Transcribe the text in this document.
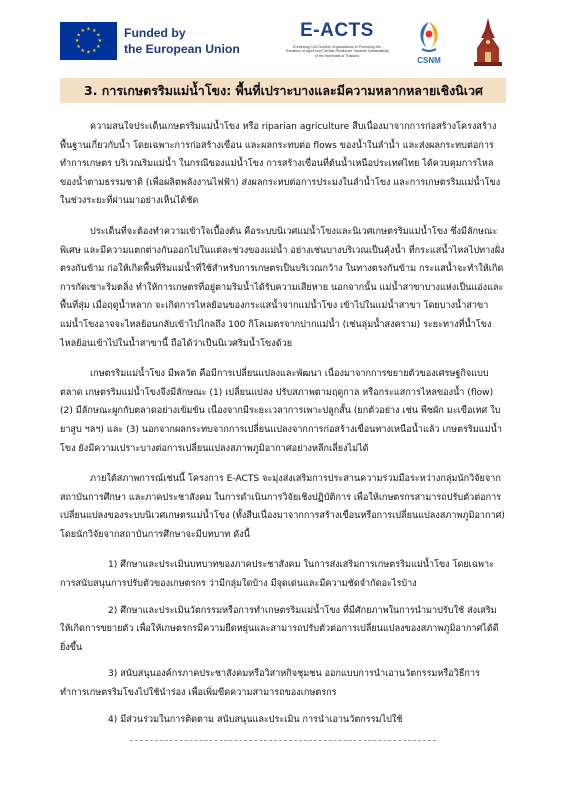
★ ★
★
★
★
★
★
★
★
★
★
★	Funded by
the European Union
E-ACTS
Enhancing Civil Society Organizations in Promoting the Transition of Agri/Food Climate Resilience Towards Sustainability of the Northeast of Thailand
CSNM
3. การเกษตรริมแม่น้ำโขง: พื้นที่เปราะบางและมีความหลากหลายเชิงนิเวศ

ความสนใจประเด็นเกษตรริมแม่น้ำโขง หรือ riparian agriculture สืบเนื่องมาจากการก่อสร้างโครงสร้างพื้นฐานเกี่ยวกับน้ำ โดยเฉพาะการก่อสร้างเขื่อน และผลกระทบต่อ flows ของน้ำในลำน้ำ และส่งผลกระทบต่อการทำการเกษตร บริเวณริมแม่น้ำ ในกรณีของแม่น้ำโขง การสร้างเขื่อนที่ต้นน้ำเหนือประเทศไทย ได้ควบคุมการไหลของน้ำตามธรรมชาติ (เพื่อผลิตพลังงานไฟฟ้า) ส่งผลกระทบต่อการประมงในลำน้ำโขง และการเกษตรริมแม่น้ำโขงในช่วงระยะที่ผ่านมาอย่างเห็นได้ชัด

ประเด็นที่จะต้องทำความเข้าใจเบื้องต้น คือระบบนิเวศแม่น้ำโขงและนิเวศเกษตรริมแม่น้ำโขง ซึ่งมีลักษณะพิเศษ และมีความแตกต่างกันออกไปในแต่ละช่วงของแม่น้ำ อย่างเช่นบางบริเวณเป็นคุ้งน้ำ ที่กระแสน้ำไหลไปทางฝั่งตรงกันข้าม ก่อให้เกิดพื้นที่ริมแม่น้ำที่ใช้สำหรับการเกษตรเป็นบริเวณกว้าง ในทางตรงกันข้าม กระแสน้ำจะทำให้เกิดการกัดเซาะริมตลิ่ง ทำให้การเกษตรที่อยู่ตามริมน้ำได้รับความเสียหาย นอกจากนั้น แม่น้ำสาขาบางแห่งเป็นแอ่งและพื้นที่ลุ่ม เมื่อฤดูน้ำหลาก จะเกิดการไหลย้อนของกระแสน้ำจากแม่น้ำโขง เข้าไปในแม่น้ำสาขา โดยบางน้ำสาขา แม่น้ำโขงอาจจะไหลย้อนกลับเข้าไปไกลถึง 100 กิโลเมตรจากปากแม่น้ำ (เช่นลุ่มน้ำสงคราม) ระยะทางที่น้ำโขงไหลย้อนเข้าไปในน้ำสาขานี้ ถือได้ว่าเป็นนิเวศริมน้ำโขงด้วย

เกษตรริมแม่น้ำโขง มีพลวัต คือมีการเปลี่ยนแปลงและพัฒนา เนื่องมาจากการขยายตัวของเศรษฐกิจแบบตลาด เกษตรริมแม่น้ำโขงจึงมีลักษณะ (1) เปลี่ยนแปลง ปรับสภาพตามฤดูกาล หรือกระแสการไหลของน้ำ (flow) (2) มีลักษณะผูกกับตลาดอย่างเข้มข้น เนื่องจากมีระยะเวลาการเพาะปลูกสั้น (ยกตัวอย่าง เช่น พืชผัก มะเขือเทศ ใบยาสูบ ฯลฯ) และ (3) นอกจากผลกระทบจากการเปลี่ยนแปลงจากการก่อสร้างเขื่อนทางเหนือน้ำแล้ว เกษตรริมแม่น้ำโขง ยังมีความเปราะบางต่อการเปลี่ยนแปลงสภาพภูมิอากาศอย่างหลีกเลี่ยงไม่ได้

ภายใต้สภาพการณ์เช่นนี้ โครงการ E-ACTS จะมุ่งส่งเสริมการประสานความร่วมมือระหว่างกลุ่มนักวิจัยจากสถาบันการศึกษา และภาคประชาสังคม ในการดำเนินการวิจัยเชิงปฏิบัติการ เพื่อให้เกษตรกรสามารถปรับตัวต่อการเปลี่ยนแปลงของระบบนิเวศเกษตรแม่น้ำโขง (ทั้งสืบเนื่องมาจากการสร้างเขื่อนหรือการเปลี่ยนแปลงสภาพภูมิอากาศ) โดยนักวิจัยจากสถาบันการศึกษาจะมีบทบาท ดังนี้

1) ศึกษาและประเมินบทบาทของภาคประชาสังคม ในการส่งเสริมการเกษตรริมแม่น้ำโขง โดยเฉพาะการสนับสนุนการปรับตัวของเกษตรกร ว่ามีกลุ่มใดบ้าง มีจุดเด่นและมีความชัดจำกัดอะไรบ้าง

2) ศึกษาและประเมินวัตกรรมหรือการทำเกษตรริมแม่น้ำโขง ที่มีศักยภาพในการนำมาปรับใช้ ส่งเสริมให้เกิดการขยายตัว เพื่อให้เกษตรกรมีความยืดหยุ่นและสามารถปรับตัวต่อการเปลี่ยนแปลงของสภาพภูมิอากาศได้ดียิ่งขึ้น

3) สนับสนุนองค์กรภาคประชาสังคมหรือวิสาหกิจชุมชน ออกแบบการนำเอานวัตกรรมหรือวิธีการทำการเกษตรริมโขงไปใช้นำร่อง เพื่อเพิ่มขีดความสามารถของเกษตรกร

4) มีส่วนร่วมในการติดตาม สนับสนุนและประเมิน การนำเอานวัตกรรมไปใช้
